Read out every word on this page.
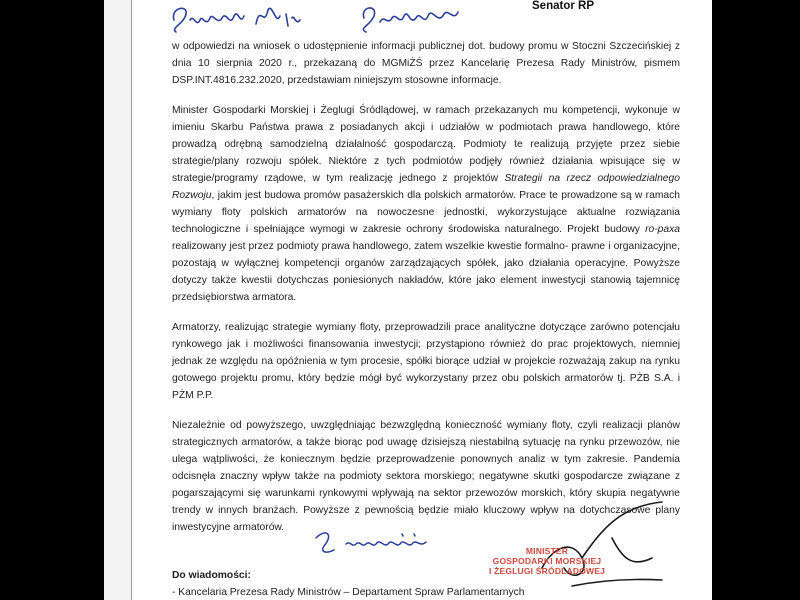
Senator RP

w odpowiedzi na wniosek o udostępnienie informacji publicznej dot. budowy promu w Stoczni Szczecińskiej z dnia 10 sierpnia 2020 r., przekazaną do MGMiŻŚ przez Kancelarię Prezesa Rady Ministrów, pismem DSP.INT.4816.232.2020, przedstawiam niniejszym stosowne informacje.

Minister Gospodarki Morskiej i Żeglugi Śródlądowej, w ramach przekazanych mu kompetencji, wykonuje w imieniu Skarbu Państwa prawa z posiadanych akcji i udziałów w podmiotach prawa handlowego, które prowadzą odrębną samodzielną działalność gospodarczą. Podmioty te realizują przyjęte przez siebie strategie/plany rozwoju spółek. Niektóre z tych podmiotów podjęły również działania wpisujące się w strategie/programy rządowe, w tym realizację jednego z projektów Strategii na rzecz odpowiedzialnego Rozwoju, jakim jest budowa promów pasażerskich dla polskich armatorów. Prace te prowadzone są w ramach wymiany floty polskich armatorów na nowoczesne jednostki, wykorzystujące aktualne rozwiązania technologiczne i spełniające wymogi w zakresie ochrony środowiska naturalnego. Projekt budowy ro-paxa realizowany jest przez podmioty prawa handlowego, zatem wszelkie kwestie formalno- prawne i organizacyjne, pozostają w wyłącznej kompetencji organów zarządzających spółek, jako działania operacyjne. Powyższe dotyczy także kwestii dotychczas poniesionych nakładów, które jako element inwestycji stanowią tajemnicę przedsiębiorstwa armatora.

Armatorzy, realizując strategie wymiany floty, przeprowadzili prace analityczne dotyczące zarówno potencjału rynkowego jak i możliwości finansowania inwestycji; przystąpiono również do prac projektowych, niemniej jednak ze względu na opóźnienia w tym procesie, spółki biorące udział w projekcie rozważają zakup na rynku gotowego projektu promu, który będzie mógł być wykorzystany przez obu polskich armatorów tj. PŻB S.A. i PŻM P.P.

Niezależnie od powyższego, uwzględniając bezwzględną konieczność wymiany floty, czyli realizacji planów strategicznych armatorów, a także biorąc pod uwagę dzisiejszą niestabilną sytuację na rynku przewozów, nie ulega wątpliwości, że koniecznym będzie przeprowadzenie ponownych analiz w tym zakresie. Pandemia odcisnęła znaczny wpływ także na podmioty sektora morskiego; negatywne skutki gospodarcze związane z pogarszającymi się warunkami rynkowymi wpływają na sektor przewozów morskich, który skupia negatywne trendy w innych branżach. Powyższe z pewnością będzie miało kluczowy wpływ na dotychczasowe plany inwestycyjne armatorów.	Z poważaniem
MINISTER
GOSPODARKI MORSKIEJ
I ŻEGLUGI ŚRÓDLĄDOWEJ
Do wiadomości:
- Kancelaria Prezesa Rady Ministrów – Departament Spraw Parlamentarnych
